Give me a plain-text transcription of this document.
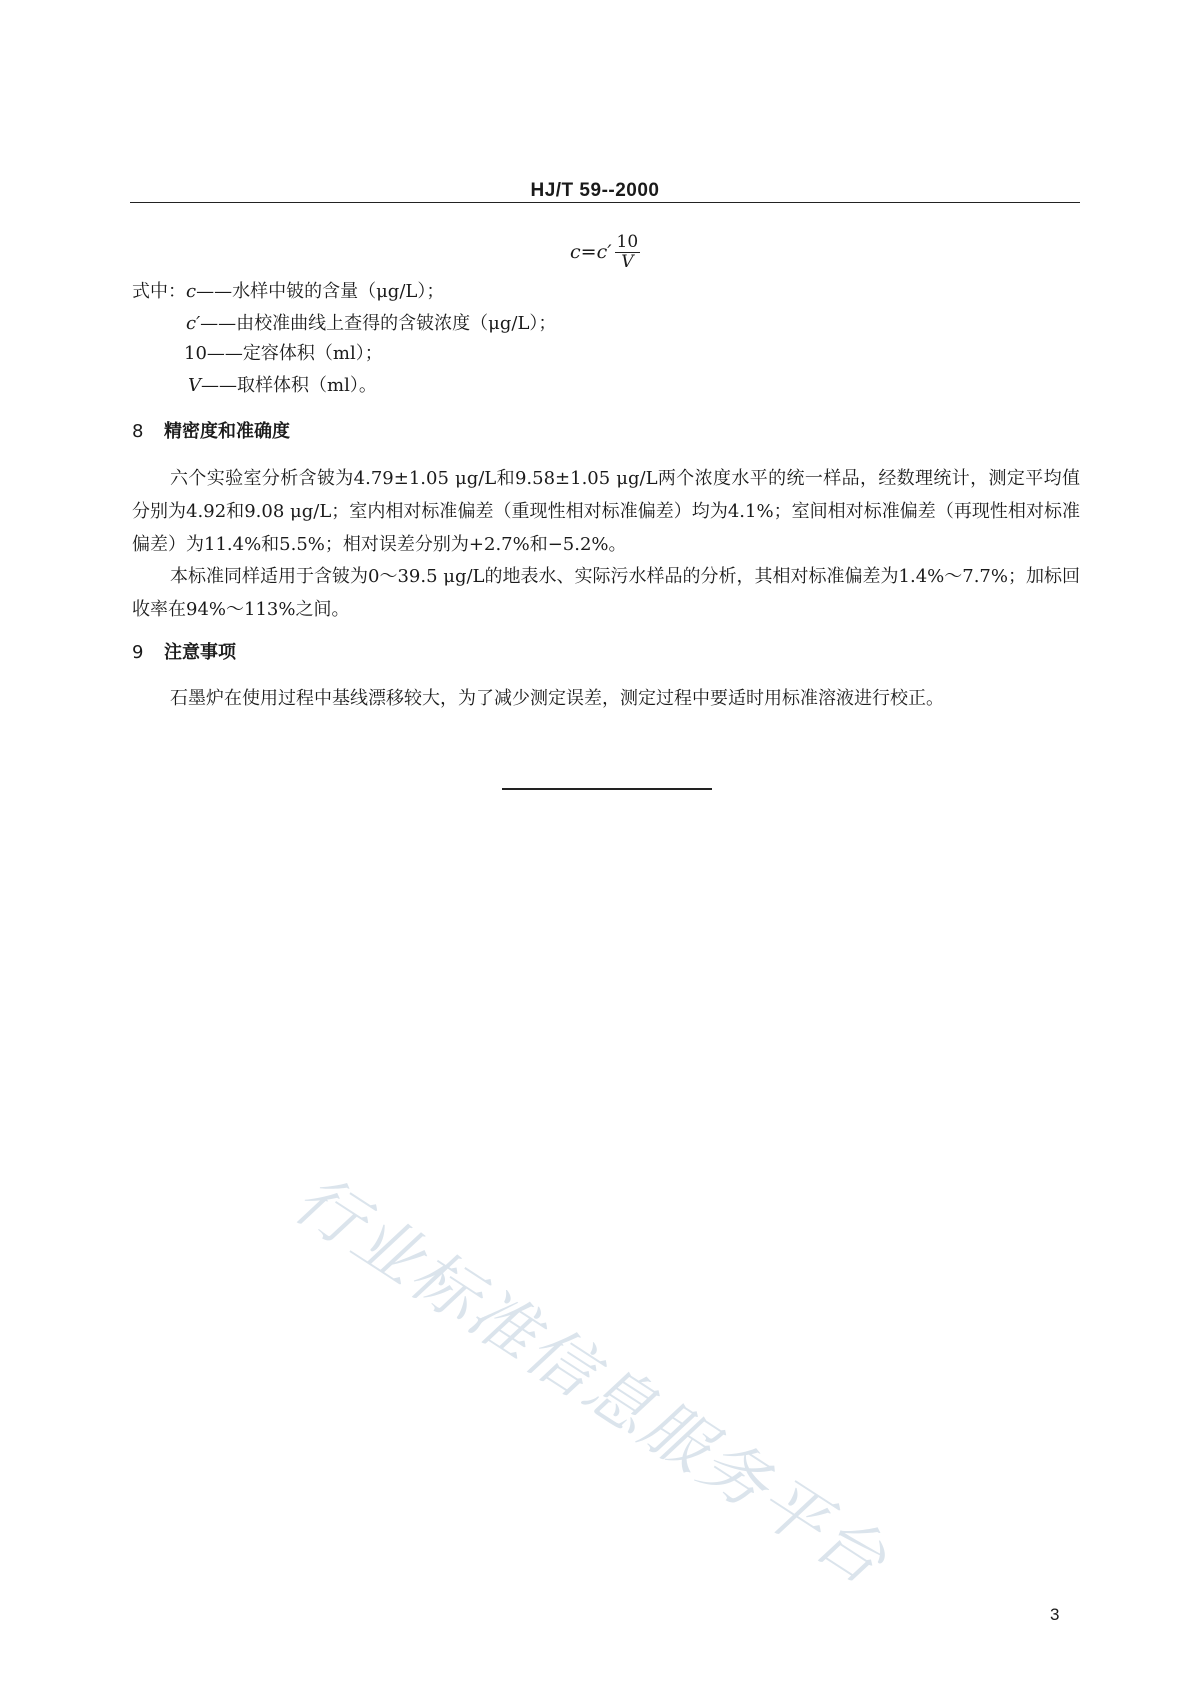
HJ/T 59--2000
$c = c' \frac{10}{V}$
式中：c——水样中铍的含量（μg/L）；
c′——由校准曲线上查得的含铍浓度（μg/L）；
10——定容体积（ml）；
V——取样体积（ml）。
8 精密度和准确度

六个实验室分析含铍为4.79±1.05 μg/L和9.58±1.05 μg/L两个浓度水平的统一样品，经数理统计，测定平均值分别为4.92和9.08 μg/L；室内相对标准偏差（重现性相对标准偏差）均为4.1%；室间相对标准偏差（再现性相对标准偏差）为11.4%和5.5%；相对误差分别为+2.7%和−5.2%。

本标准同样适用于含铍为0～39.5 μg/L的地表水、实际污水样品的分析，其相对标准偏差为1.4%～7.7%；加标回收率在94%～113%之间。

9 注意事项

石墨炉在使用过程中基线漂移较大，为了减少测定误差，测定过程中要适时用标准溶液进行校正。

行业标准信息服务平台
3
